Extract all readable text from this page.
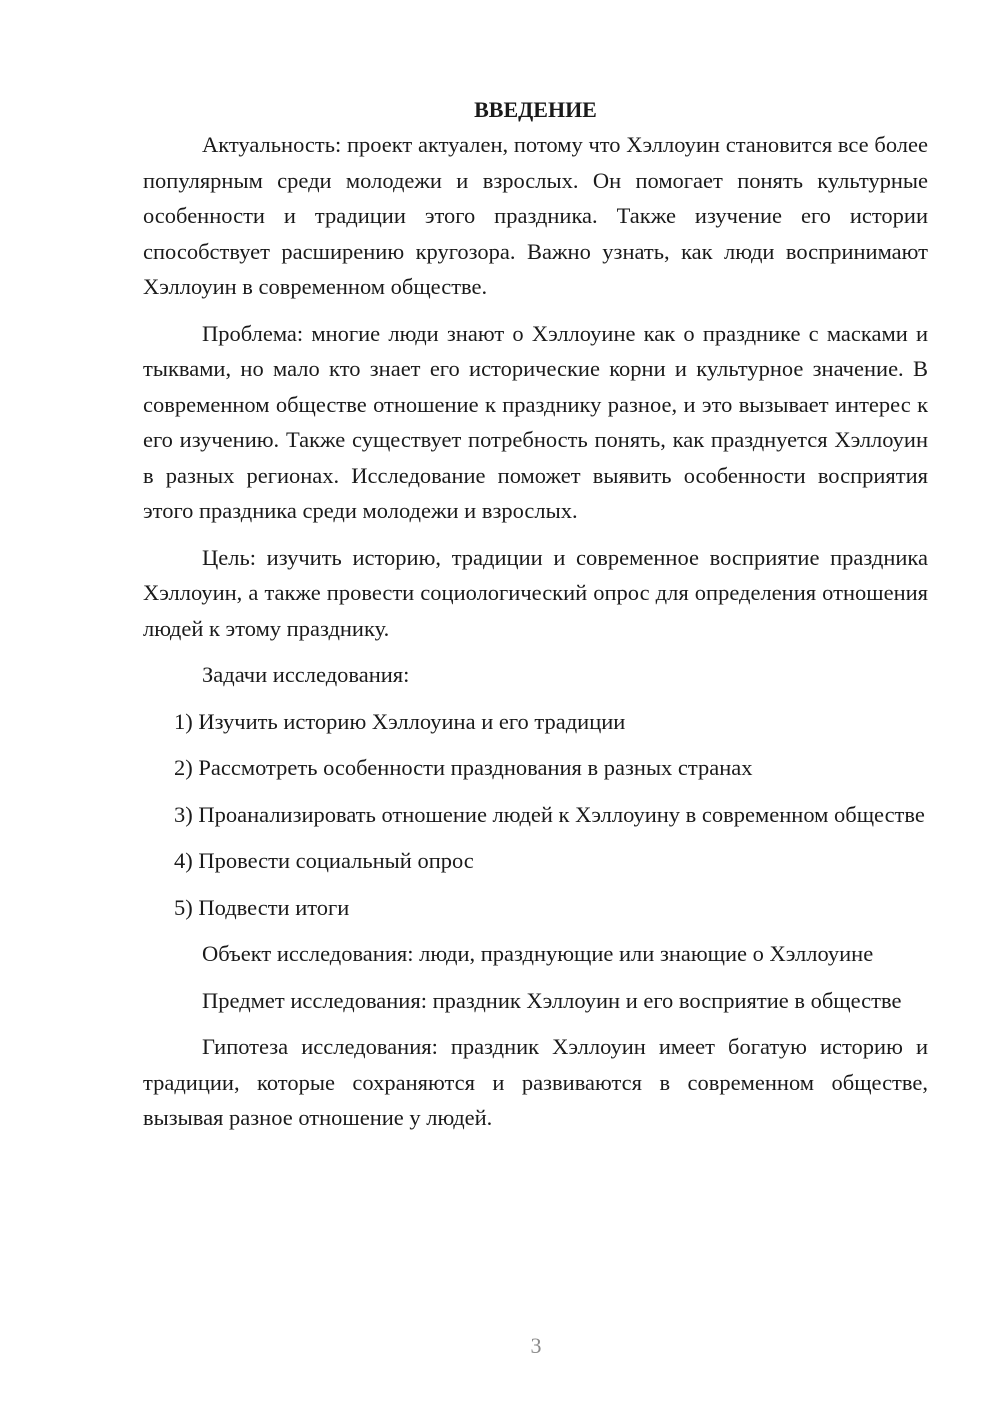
ВВЕДЕНИЕ

Актуальность: проект актуален, потому что Хэллоуин становится все более популярным среди молодежи и взрослых. Он помогает понять культурные особенности и традиции этого праздника. Также изучение его истории способствует расширению кругозора. Важно узнать, как люди воспринимают Хэллоуин в современном обществе.

Проблема: многие люди знают о Хэллоуине как о празднике с масками и тыквами, но мало кто знает его исторические корни и культурное значение. В современном обществе отношение к празднику разное, и это вызывает интерес к его изучению. Также существует потребность понять, как празднуется Хэллоуин в разных регионах. Исследование поможет выявить особенности восприятия этого праздника среди молодежи и взрослых.

Цель: изучить историю, традиции и современное восприятие праздника Хэллоуин, а также провести социологический опрос для определения отношения людей к этому празднику.

Задачи исследования:

1) Изучить историю Хэллоуина и его традиции

2) Рассмотреть особенности празднования в разных странах

3) Проанализировать отношение людей к Хэллоуину в современном обществе

4) Провести социальный опрос

5) Подвести итоги

Объект исследования: люди, празднующие или знающие о Хэллоуине

Предмет исследования: праздник Хэллоуин и его восприятие в обществе

Гипотеза исследования: праздник Хэллоуин имеет богатую историю и традиции, которые сохраняются и развиваются в современном обществе, вызывая разное отношение у людей.

3
